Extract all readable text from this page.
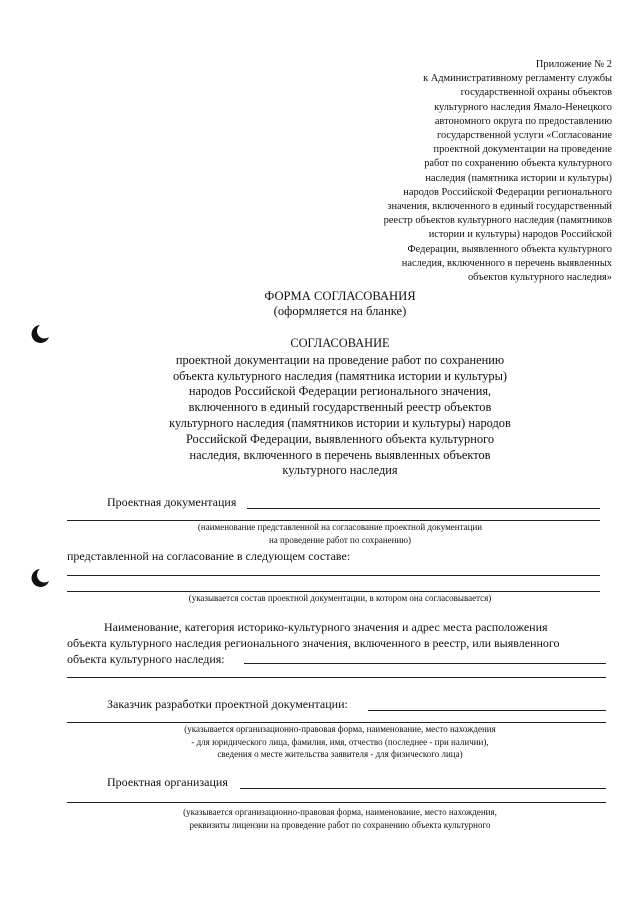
Приложение № 2
к Административному регламенту службы
государственной охраны объектов
культурного наследия Ямало-Ненецкого
автономного округа по предоставлению
государственной услуги «Согласование
проектной документации на проведение
работ по сохранению объекта культурного
наследия (памятника истории и культуры)
народов Российской Федерации регионального
значения, включенного в единый государственный
реестр объектов культурного наследия (памятников
истории и культуры) народов Российской
Федерации, выявленного объекта культурного
наследия, включенного в перечень выявленных
объектов культурного наследия»
ФОРМА СОГЛАСОВАНИЯ
(оформляется на бланке)
СОГЛАСОВАНИЕ
проектной документации на проведение работ по сохранению
объекта культурного наследия (памятника истории и культуры)
народов Российской Федерации регионального значения,
включенного в единый государственный реестр объектов
культурного наследия (памятников истории и культуры) народов
Российской Федерации, выявленного объекта культурного
наследия, включенного в перечень выявленных объектов
культурного наследия
Проектная документация
(наименование представленной на согласование проектной документации
на проведение работ по сохранению)
представленной на согласование в следующем составе:
(указывается состав проектной документации, в котором она согласовывается)
Наименование, категория историко-культурного значения и адрес места расположения
объекта культурного наследия регионального значения, включенного в реестр, или выявленного
объекта культурного наследия:
Заказчик разработки проектной документации:
(указывается организационно-правовая форма, наименование, место нахождения
- для юридического лица, фамилия, имя, отчество (последнее - при наличии),
сведения о месте жительства заявителя - для физического лица)
Проектная организация
(указывается организационно-правовая форма, наименование, место нахождения,
реквизиты лицензии на проведение работ по сохранению объекта культурного
